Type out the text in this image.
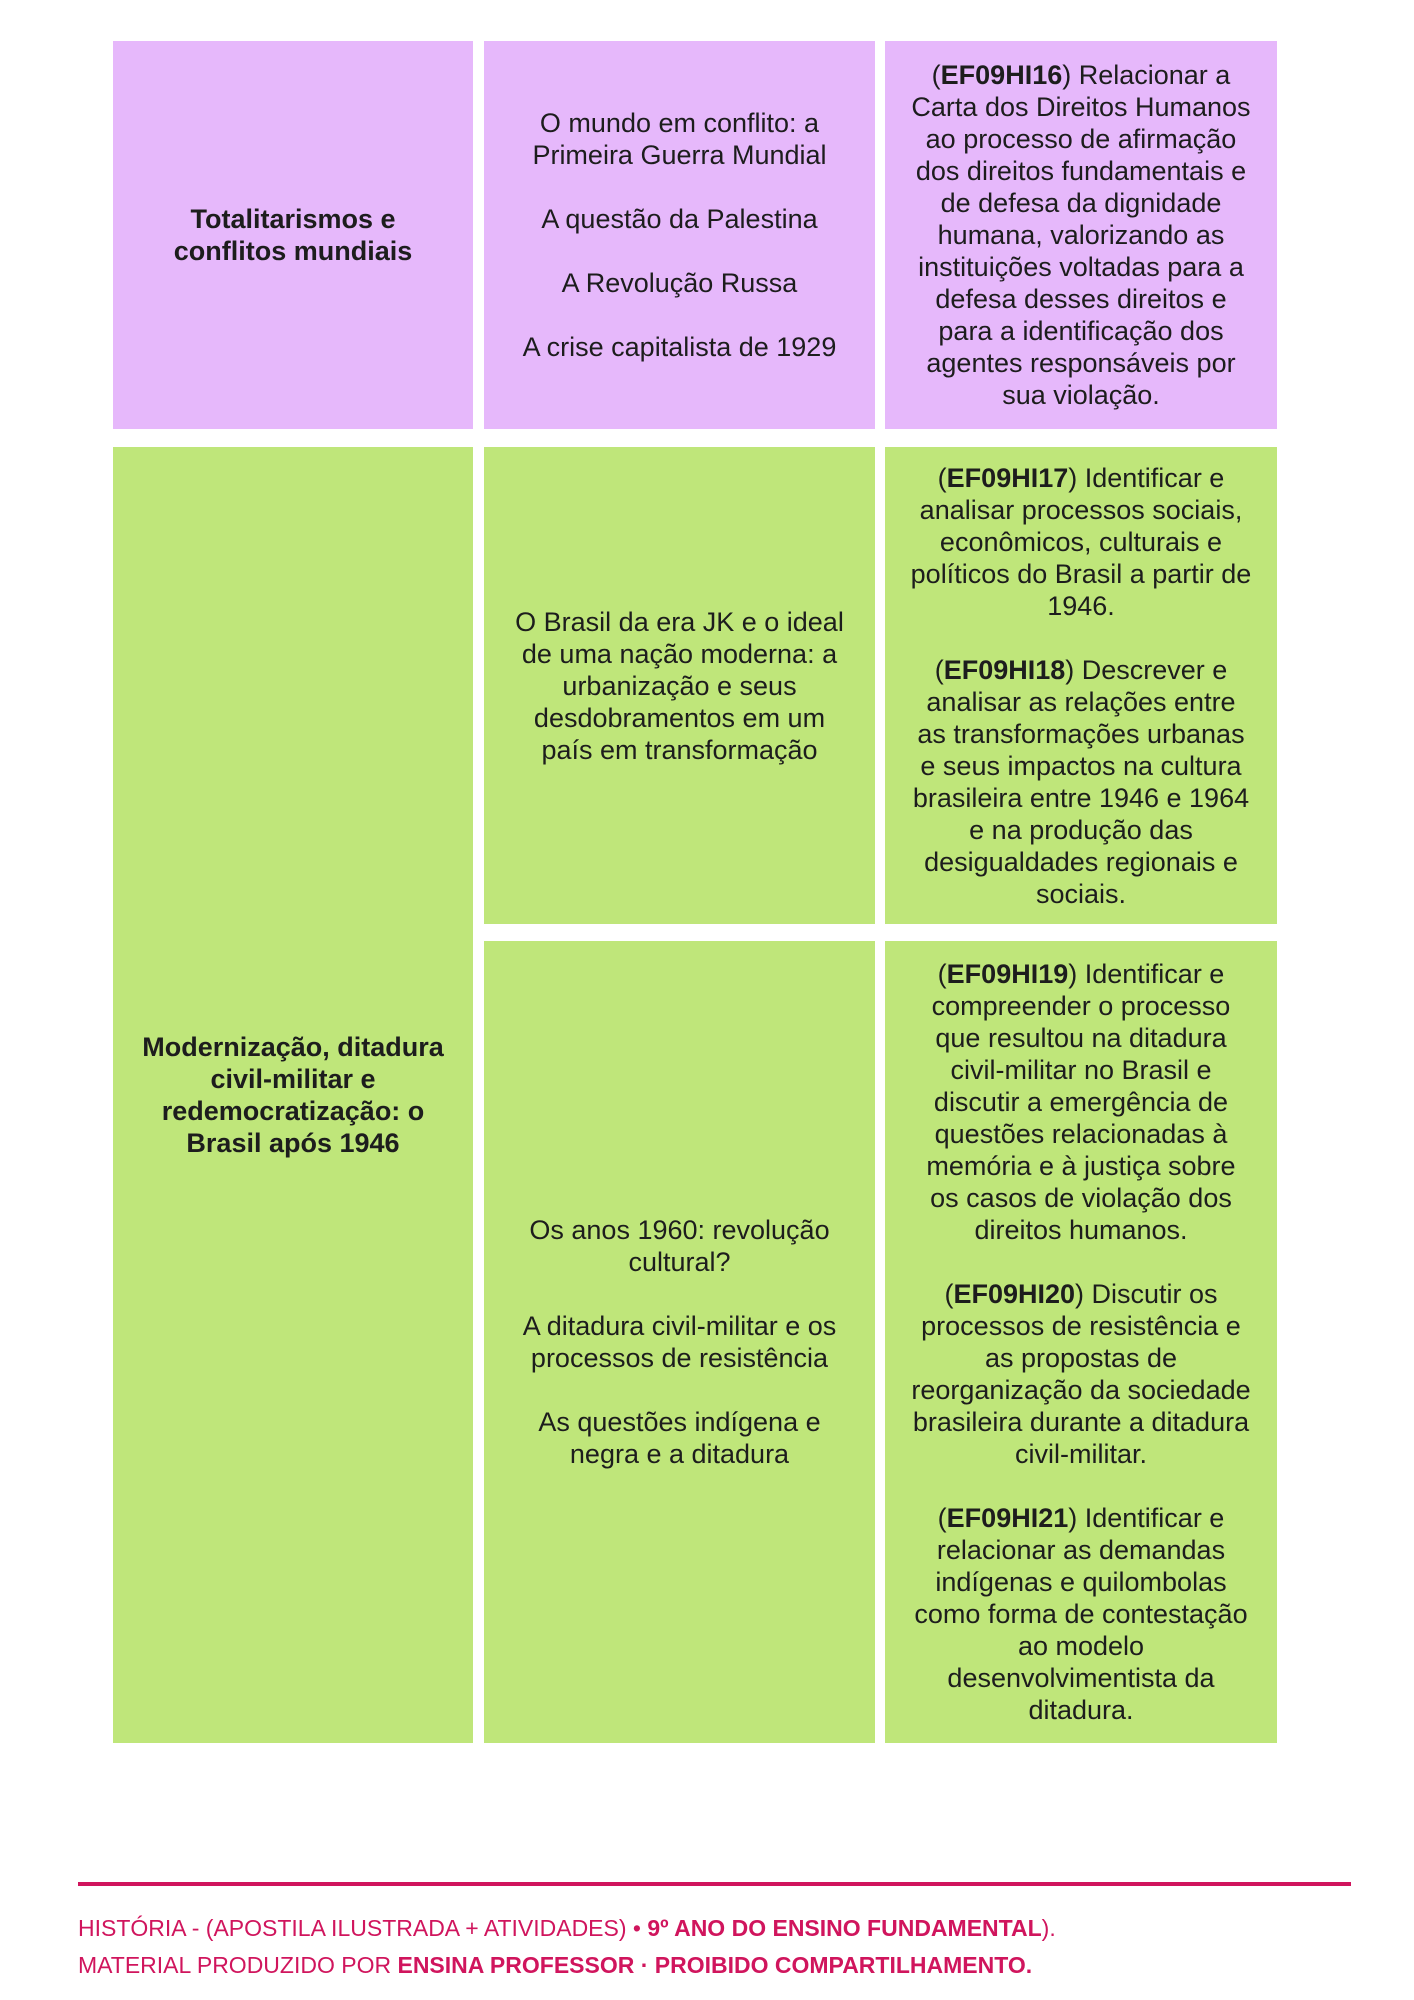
Totalitarismos e conflitos mundiais

O mundo em conflito: a Primeira Guerra Mundial

A questão da Palestina

A Revolução Russa

A crise capitalista de 1929

(EF09HI16) Relacionar a Carta dos Direitos Humanos ao processo de afirmação dos direitos fundamentais e de defesa da dignidade humana, valorizando as instituições voltadas para a defesa desses direitos e para a identificação dos agentes responsáveis por sua violação.

Modernização, ditadura civil-militar e redemocratização: o Brasil após 1946

O Brasil da era JK e o ideal de uma nação moderna: a urbanização e seus desdobramentos em um país em transformação

(EF09HI17) Identificar e analisar processos sociais, econômicos, culturais e políticos do Brasil a partir de 1946.

(EF09HI18) Descrever e analisar as relações entre as transformações urbanas e seus impactos na cultura brasileira entre 1946 e 1964 e na produção das desigualdades regionais e sociais.

Os anos 1960: revolução cultural?

A ditadura civil-militar e os processos de resistência

As questões indígena e negra e a ditadura

(EF09HI19) Identificar e compreender o processo que resultou na ditadura civil-militar no Brasil e discutir a emergência de questões relacionadas à memória e à justiça sobre os casos de violação dos direitos humanos.

(EF09HI20) Discutir os processos de resistência e as propostas de reorganização da sociedade brasileira durante a ditadura civil-militar.

(EF09HI21) Identificar e relacionar as demandas indígenas e quilombolas como forma de contestação ao modelo desenvolvimentista da ditadura.

HISTÓRIA - (APOSTILA ILUSTRADA + ATIVIDADES) • 9º ANO DO ENSINO FUNDAMENTAL).
MATERIAL PRODUZIDO POR ENSINA PROFESSOR · PROIBIDO COMPARTILHAMENTO.
